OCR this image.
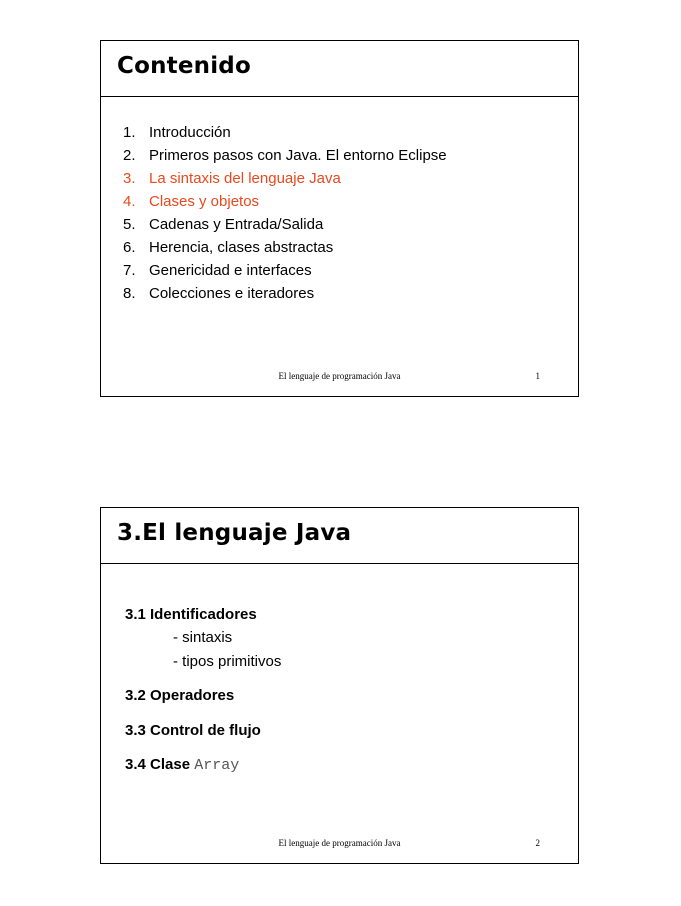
Contenido
1. Introducción
2. Primeros pasos con Java. El entorno Eclipse
3. La sintaxis del lenguaje Java
4. Clases y objetos
5. Cadenas y Entrada/Salida
6. Herencia, clases abstractas
7. Genericidad e interfaces
8. Colecciones e iteradores
El lenguaje de programación Java	1
3.El lenguaje Java
3.1 Identificadores
- sintaxis
- tipos primitivos
3.2 Operadores
3.3 Control de flujo
3.4 Clase Array
El lenguaje de programación Java	2
